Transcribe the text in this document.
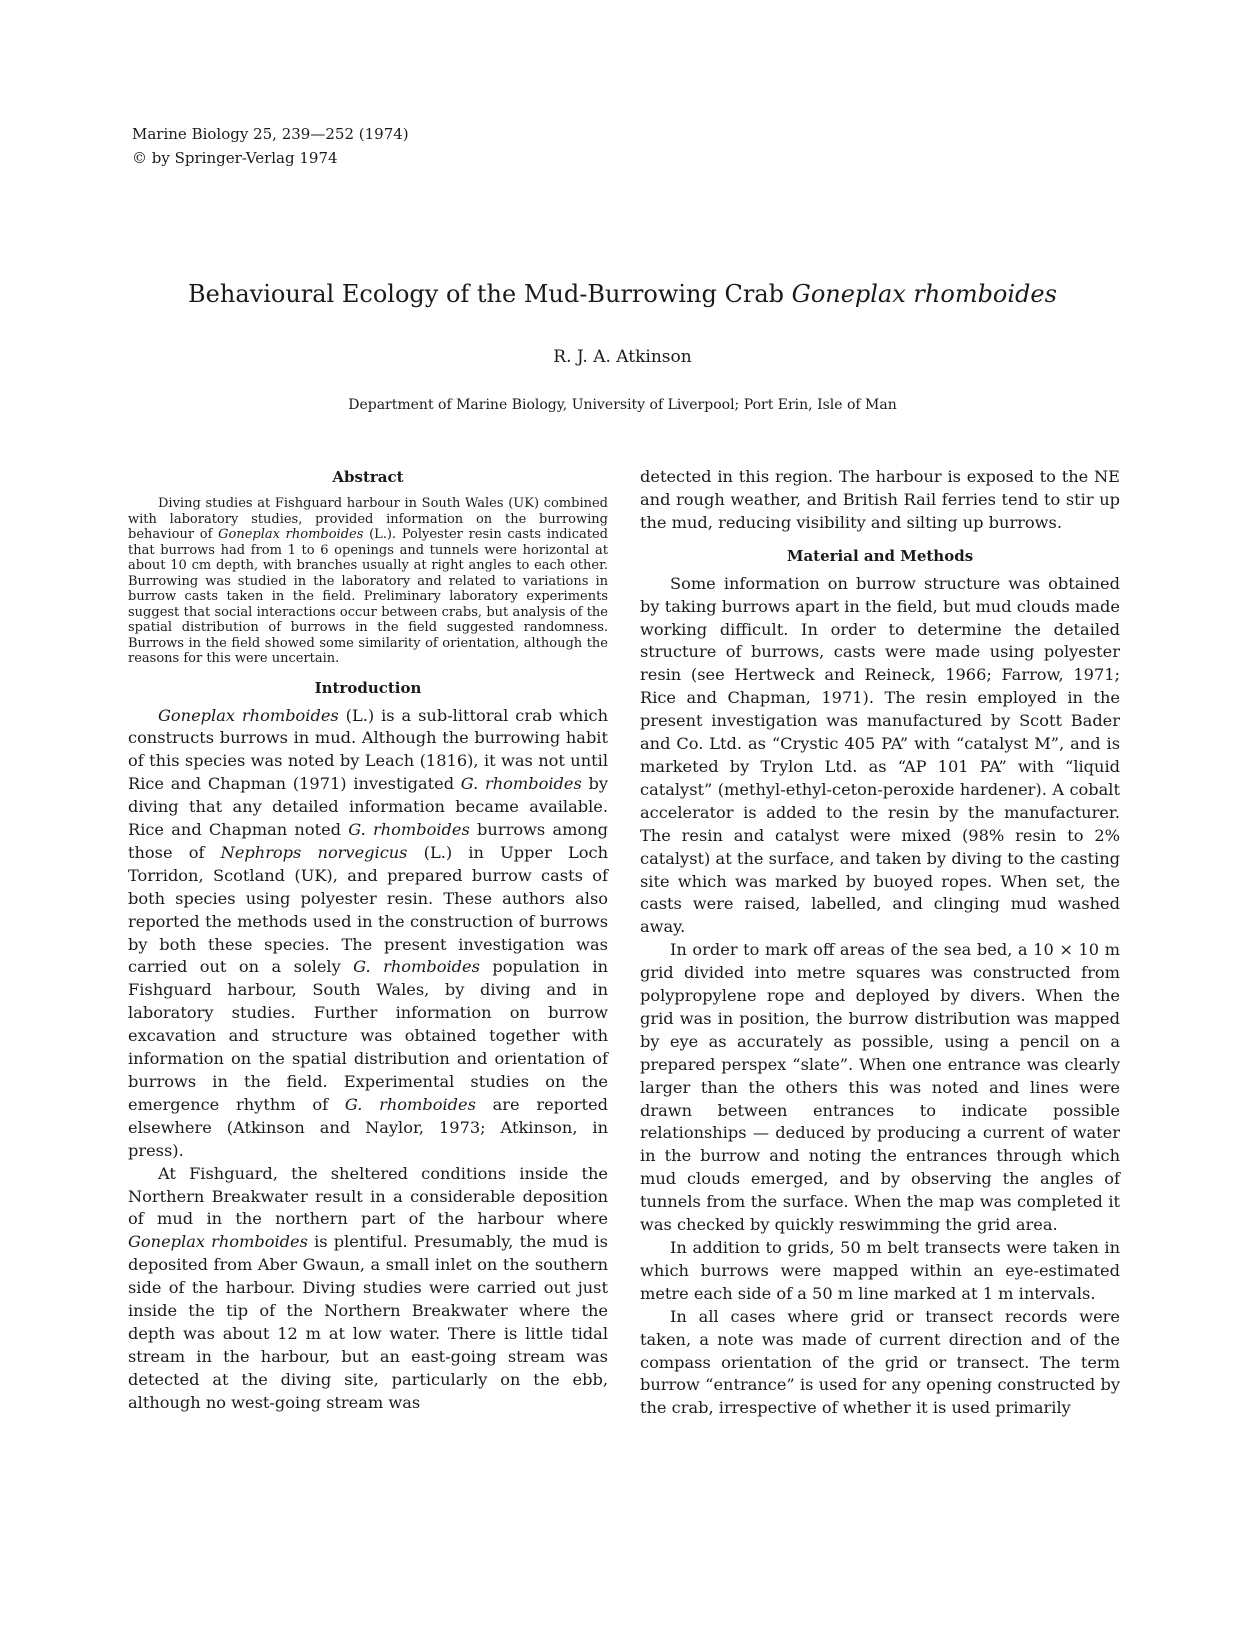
Marine Biology 25, 239—252 (1974)
© by Springer-Verlag 1974
Behavioural Ecology of the Mud-Burrowing Crab Goneplax rhomboides
R. J. A. Atkinson
Department of Marine Biology, University of Liverpool; Port Erin, Isle of Man
Abstract

Diving studies at Fishguard harbour in South Wales (UK) combined with laboratory studies, provided information on the burrowing behaviour of Goneplax rhomboides (L.). Polyester resin casts indicated that burrows had from 1 to 6 openings and tunnels were horizontal at about 10 cm depth, with branches usually at right angles to each other. Burrowing was studied in the laboratory and related to variations in burrow casts taken in the field. Preliminary laboratory experiments suggest that social interactions occur between crabs, but analysis of the spatial distribution of burrows in the field suggested randomness. Burrows in the field showed some similarity of orientation, although the reasons for this were uncertain.

Introduction

Goneplax rhomboides (L.) is a sub-littoral crab which constructs burrows in mud. Although the burrowing habit of this species was noted by Leach (1816), it was not until Rice and Chapman (1971) investigated G. rhomboides by diving that any detailed information became available. Rice and Chapman noted G. rhomboides burrows among those of Nephrops norvegicus (L.) in Upper Loch Torridon, Scotland (UK), and prepared burrow casts of both species using polyester resin. These authors also reported the methods used in the construction of burrows by both these species. The present investigation was carried out on a solely G. rhomboides population in Fishguard harbour, South Wales, by diving and in laboratory studies. Further information on burrow excavation and structure was obtained together with information on the spatial distribution and orientation of burrows in the field. Experimental studies on the emergence rhythm of G. rhomboides are reported elsewhere (Atkinson and Naylor, 1973; Atkinson, in press).

At Fishguard, the sheltered conditions inside the Northern Breakwater result in a considerable deposition of mud in the northern part of the harbour where Goneplax rhomboides is plentiful. Presumably, the mud is deposited from Aber Gwaun, a small inlet on the southern side of the harbour. Diving studies were carried out just inside the tip of the Northern Breakwater where the depth was about 12 m at low water. There is little tidal stream in the harbour, but an east-going stream was detected at the diving site, particularly on the ebb, although no west-going stream was

detected in this region. The harbour is exposed to the NE and rough weather, and British Rail ferries tend to stir up the mud, reducing visibility and silting up burrows.

Material and Methods

Some information on burrow structure was obtained by taking burrows apart in the field, but mud clouds made working difficult. In order to determine the detailed structure of burrows, casts were made using polyester resin (see Hertweck and Reineck, 1966; Farrow, 1971; Rice and Chapman, 1971). The resin employed in the present investigation was manufactured by Scott Bader and Co. Ltd. as “Crystic 405 PA” with “catalyst M”, and is marketed by Trylon Ltd. as “AP 101 PA” with “liquid catalyst” (methyl-ethyl-ceton-peroxide hardener). A cobalt accelerator is added to the resin by the manufacturer. The resin and catalyst were mixed (98% resin to 2% catalyst) at the surface, and taken by diving to the casting site which was marked by buoyed ropes. When set, the casts were raised, labelled, and clinging mud washed away.

In order to mark off areas of the sea bed, a 10 × 10 m grid divided into metre squares was constructed from polypropylene rope and deployed by divers. When the grid was in position, the burrow distribution was mapped by eye as accurately as possible, using a pencil on a prepared perspex “slate”. When one entrance was clearly larger than the others this was noted and lines were drawn between entrances to indicate possible relationships — deduced by producing a current of water in the burrow and noting the entrances through which mud clouds emerged, and by observing the angles of tunnels from the surface. When the map was completed it was checked by quickly reswimming the grid area.

In addition to grids, 50 m belt transects were taken in which burrows were mapped within an eye-estimated metre each side of a 50 m line marked at 1 m intervals.

In all cases where grid or transect records were taken, a note was made of current direction and of the compass orientation of the grid or transect. The term burrow “entrance” is used for any opening constructed by the crab, irrespective of whether it is used primarily
